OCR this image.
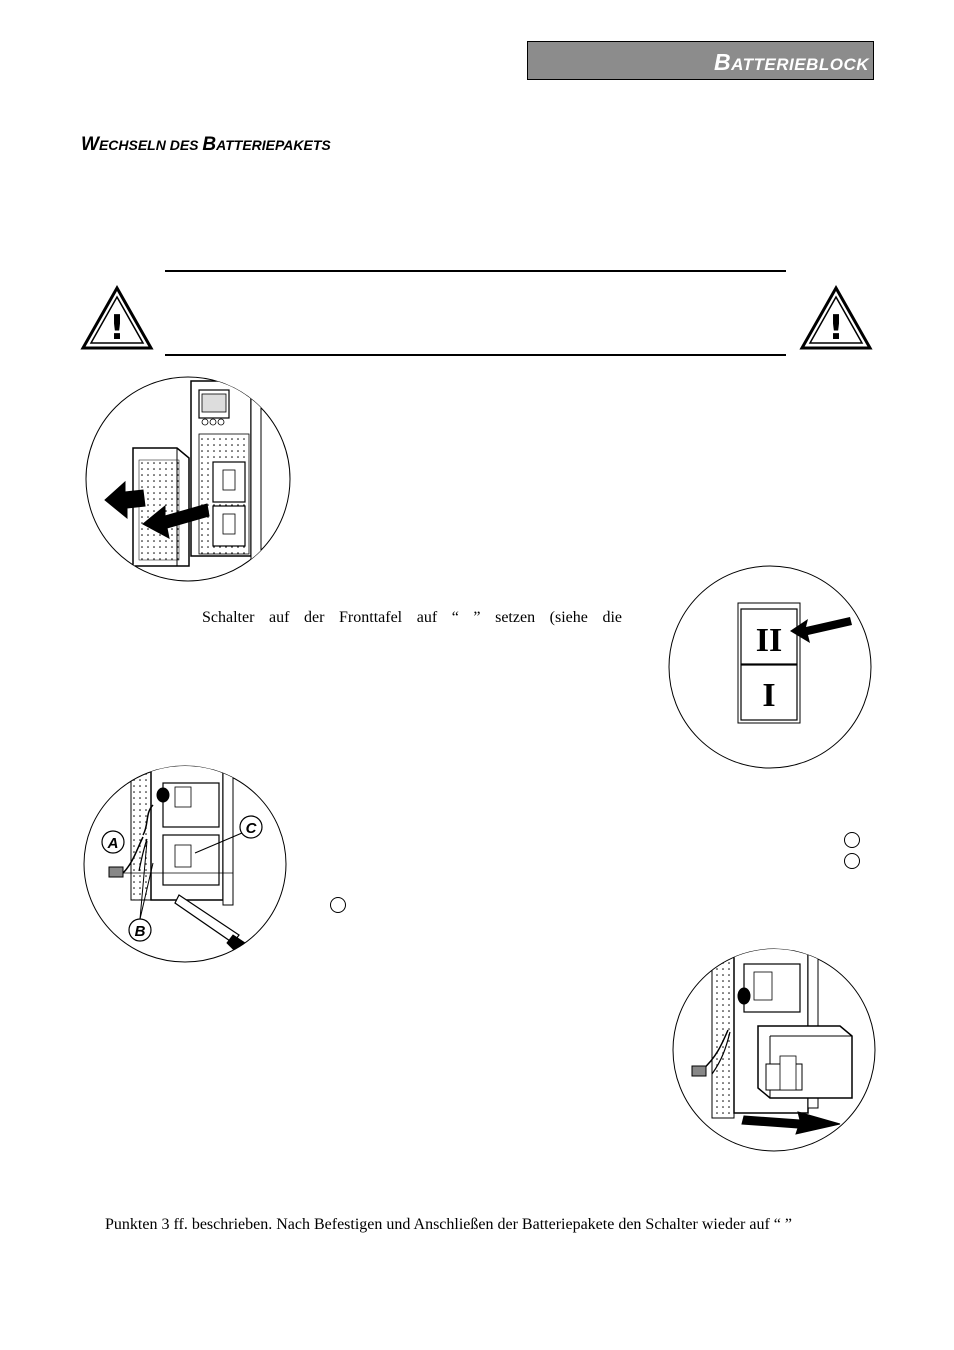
BATTERIEBLOCK
WECHSELN DES BATTERIEPAKETS
!	!
Schalter auf der Fronttafel auf “ ” setzen (siehe die
II
I
A
C
B
Punkten 3 ff. beschrieben. Nach Befestigen und Anschließen der Batteriepakete den Schalter wieder auf “ ”
